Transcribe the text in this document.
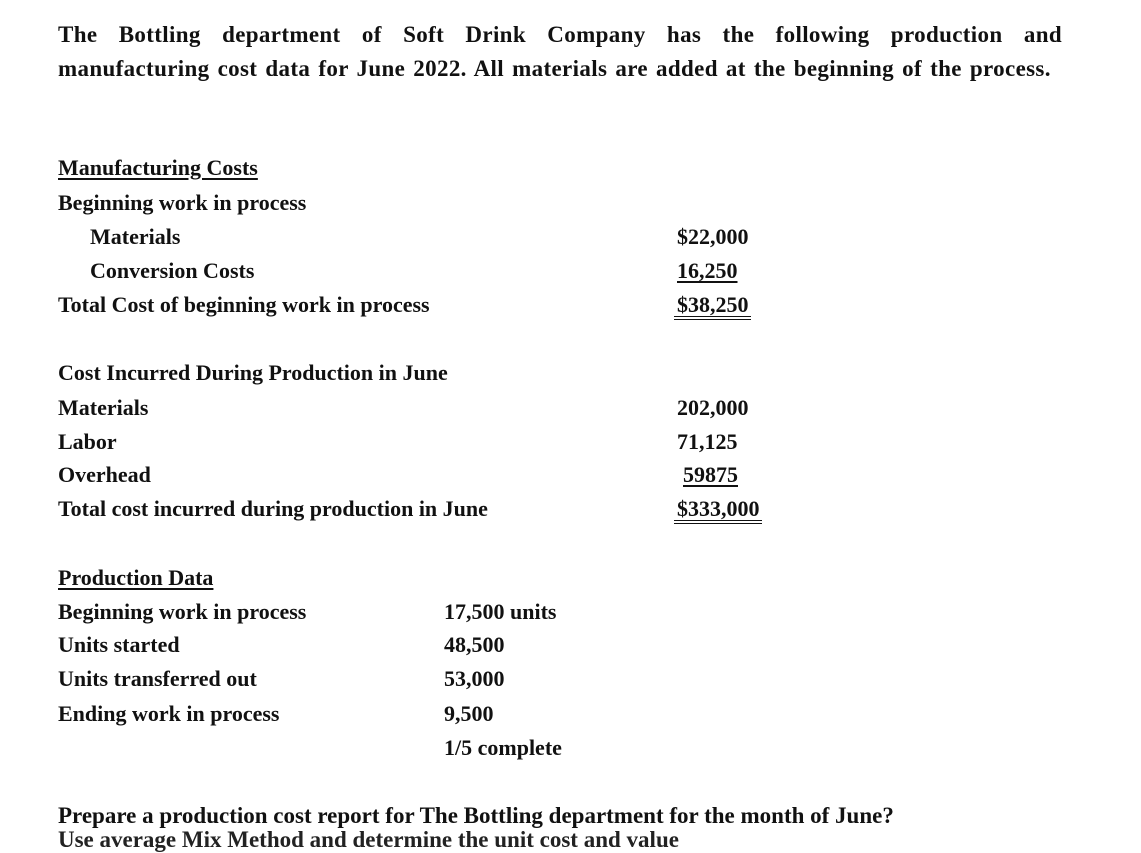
The Bottling department of Soft Drink Company has the following production and manufacturing cost data for June 2022. All materials are added at the beginning of the process.
Manufacturing Costs
Beginning work in process
Materials	$22,000
Conversion Costs	16,250
Total Cost of beginning work in process	$38,250
Cost Incurred During Production in June
Materials	202,000
Labor	71,125
Overhead	59875
Total cost incurred during production in June	$333,000
Production Data
Beginning work in process	17,500 units
Units started	48,500
Units transferred out	53,000
Ending work in process	9,500
1/5 complete
Prepare a production cost report for The Bottling department for the month of June?
Use average Mix Method and determine the unit cost and value
